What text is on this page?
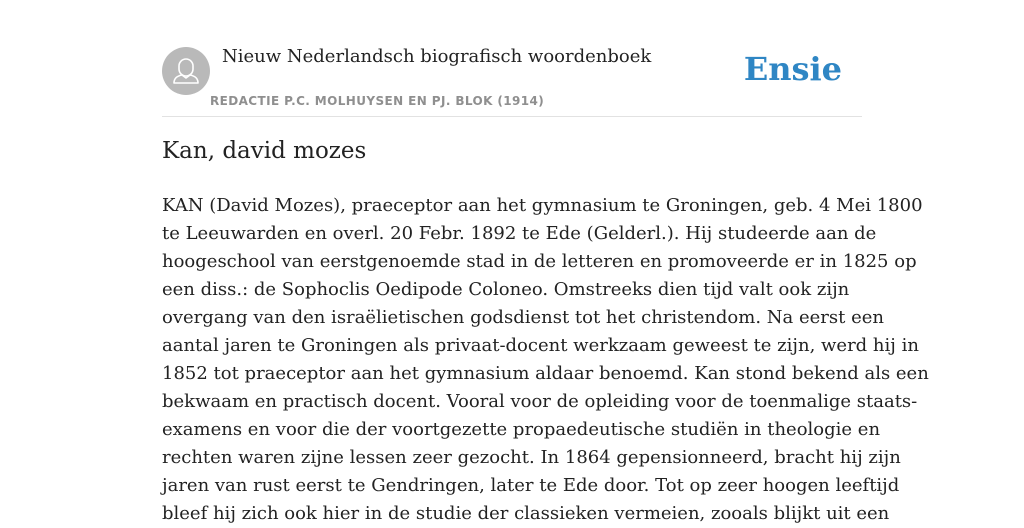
Nieuw Nederlandsch biografisch woordenboek
REDACTIE P.C. MOLHUYSEN EN PJ. BLOK (1914)
Ensie
Kan, david mozes
KAN (David Mozes), praeceptor aan het gymnasium te Groningen, geb. 4 Mei 1800
te Leeuwarden en overl. 20 Febr. 1892 te Ede (Gelderl.). Hij studeerde aan de
hoogeschool van eerstgenoemde stad in de letteren en promoveerde er in 1825 op
een diss.: de Sophoclis Oedipode Coloneo. Omstreeks dien tijd valt ook zijn
overgang van den israëlietischen godsdienst tot het christendom. Na eerst een
aantal jaren te Groningen als privaat-docent werkzaam geweest te zijn, werd hij in
1852 tot praeceptor aan het gymnasium aldaar benoemd. Kan stond bekend als een
bekwaam en practisch docent. Vooral voor de opleiding voor de toenmalige staats-
examens en voor die der voortgezette propaedeutische studiën in theologie en
rechten waren zijne lessen zeer gezocht. In 1864 gepensionneerd, bracht hij zijn
jaren van rust eerst te Gendringen, later te Ede door. Tot op zeer hoogen leeftijd
bleef hij zich ook hier in de studie der classieken vermeien, zooals blijkt uit een
